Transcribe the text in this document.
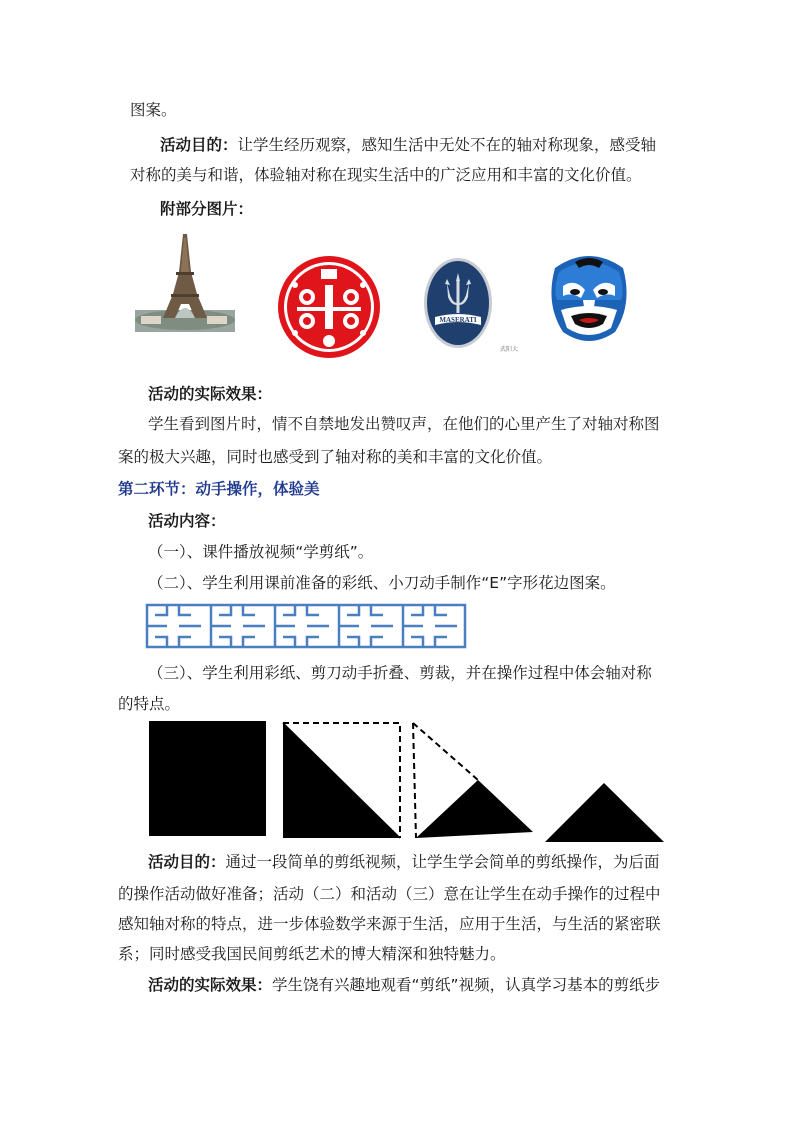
图案。
活动目的：让学生经历观察，感知生活中无处不在的轴对称现象，感受轴
对称的美与和谐，体验轴对称在现实生活中的广泛应用和丰富的文化价值。
附部分图片：
MASERATI
武阳大
活动的实际效果：
学生看到图片时，情不自禁地发出赞叹声，在他们的心里产生了对轴对称图
案的极大兴趣，同时也感受到了轴对称的美和丰富的文化价值。
第二环节：动手操作，体验美
活动内容：
（一）、课件播放视频“学剪纸”。
（二）、学生利用课前准备的彩纸、小刀动手制作“E”字形花边图案。
（三）、学生利用彩纸、剪刀动手折叠、剪裁，并在操作过程中体会轴对称
的特点。
活动目的：通过一段简单的剪纸视频，让学生学会简单的剪纸操作，为后面
的操作活动做好准备；活动（二）和活动（三）意在让学生在动手操作的过程中
感知轴对称的特点，进一步体验数学来源于生活，应用于生活，与生活的紧密联
系；同时感受我国民间剪纸艺术的博大精深和独特魅力。
活动的实际效果：学生饶有兴趣地观看“剪纸”视频，认真学习基本的剪纸步
